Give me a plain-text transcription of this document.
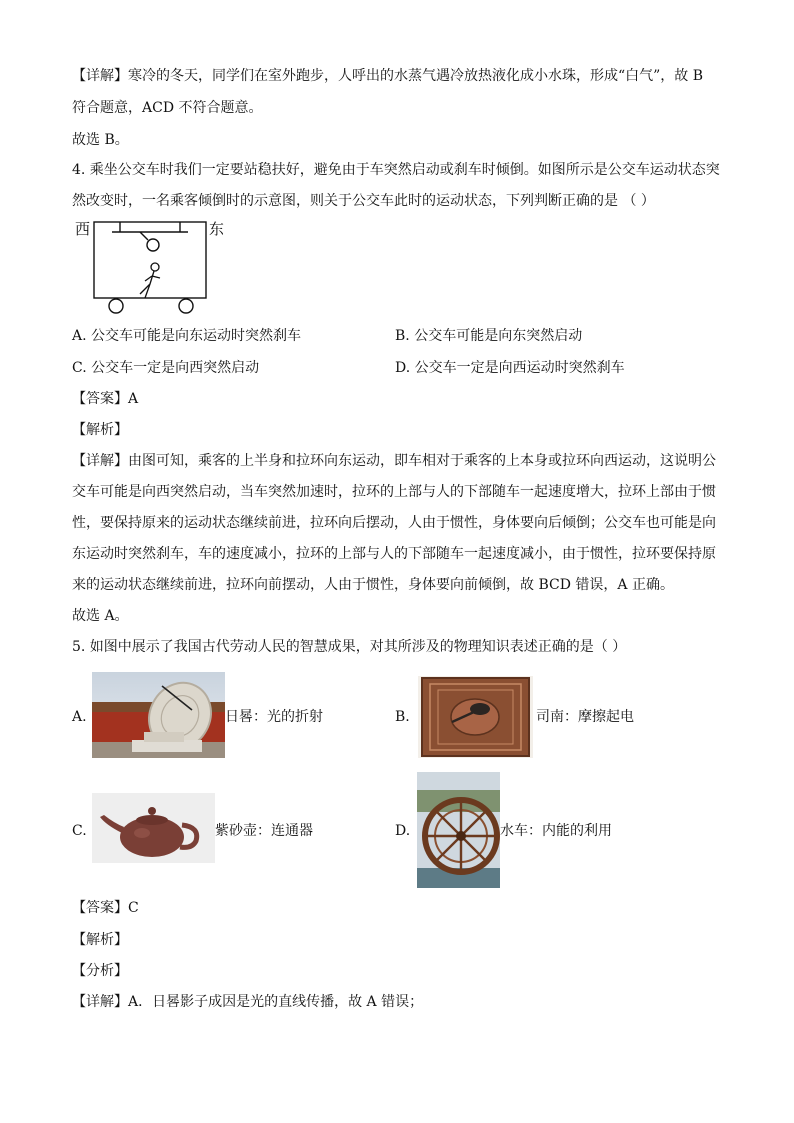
【详解】寒冷的冬天，同学们在室外跑步，人呼出的水蒸气遇冷放热液化成小水珠，形成“白气”，故 B
符合题意，ACD 不符合题意。
故选 B。
4. 乘坐公交车时我们一定要站稳扶好，避免由于车突然启动或刹车时倾倒。如图所示是公交车运动状态突
然改变时，一名乘客倾倒时的示意图，则关于公交车此时的运动状态，下列判断正确的是 （ ）
西	东
A. 公交车可能是向东运动时突然刹车	B. 公交车可能是向东突然启动
C. 公交车一定是向西突然启动	D. 公交车一定是向西运动时突然刹车
【答案】A
【解析】
【详解】由图可知，乘客的上半身和拉环向东运动，即车相对于乘客的上本身或拉环向西运动，这说明公
交车可能是向西突然启动，当车突然加速时，拉环的上部与人的下部随车一起速度增大，拉环上部由于惯
性，要保持原来的运动状态继续前进，拉环向后摆动，人由于惯性，身体要向后倾倒；公交车也可能是向
东运动时突然刹车，车的速度减小，拉环的上部与人的下部随车一起速度减小，由于惯性，拉环要保持原
来的运动状态继续前进，拉环向前摆动，人由于惯性，身体要向前倾倒，故 BCD 错误，A 正确。
故选 A。
5. 如图中展示了我国古代劳动人民的智慧成果，对其所涉及的物理知识表述正确的是（ ）
A.	日晷：光的折射	B.	司南：摩擦起电
C.	紫砂壶：连通器	D.	水车：内能的利用
【答案】C
【解析】
【分析】
【详解】A．日晷影子成因是光的直线传播，故 A 错误；
